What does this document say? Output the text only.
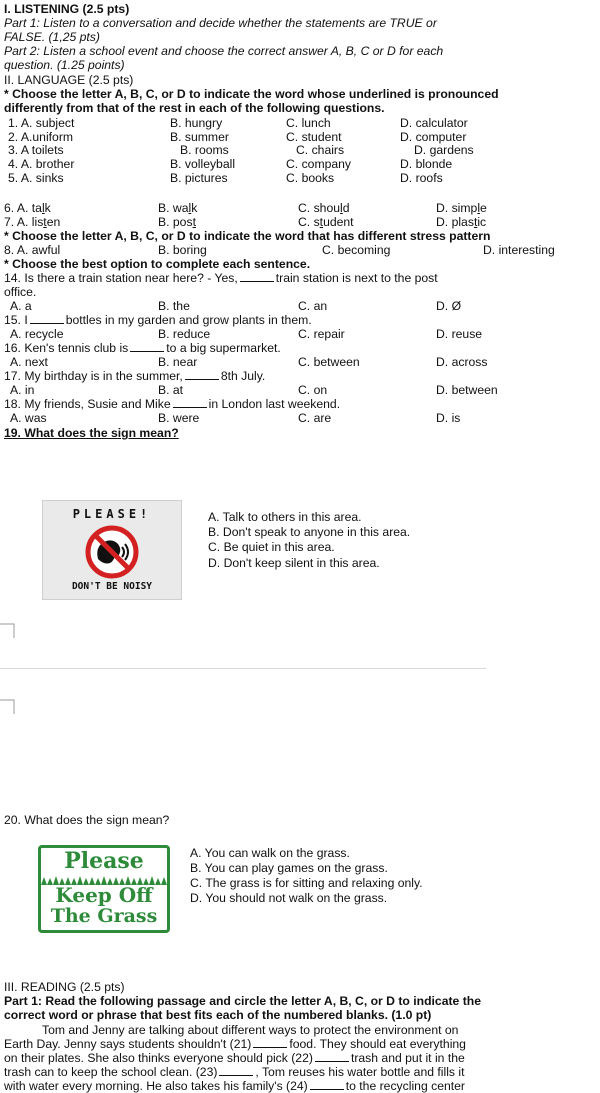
I. LISTENING (2.5 pts)
Part 1: Listen to a conversation and decide whether the statements are TRUE or
FALSE. (1,25 pts)
Part 2: Listen a school event and choose the correct answer A, B, C or D for each
question. (1.25 points)
II. LANGUAGE (2.5 pts)
* Choose the letter A, B, C, or D to indicate the word whose underlined is pronounced
differently from that of the rest in each of the following questions.
1. A. subject	B. hungry	C. lunch	D. calculator
2. A.uniform	B. summer	C. student	D. computer
3. A toilets	B. rooms	C. chairs	D. gardens
4. A. brother	B. volleyball	C. company	D. blonde
5. A. sinks	B. pictures	C. books	D. roofs
6. A. talk	B. walk	C. should	D. simple
7. A. listen	B. post	C. student	D. plastic
* Choose the letter A, B, C, or D to indicate the word that has different stress pattern
8. A. awful	B. boring	C. becoming	D. interesting
* Choose the best option to complete each sentence.
14. Is there a train station near here? - Yes,	train station is next to the post
office.
A. a	B. the	C. an	D. Ø
15. I	bottles in my garden and grow plants in them.
A. recycle	B. reduce	C. repair	D. reuse
16. Ken's tennis club is	to a big supermarket.
A. next	B. near	C. between	D. across
17. My birthday is in the summer,	8th July.
A. in	B. at	C. on	D. between
18. My friends, Susie and Mike	in London last weekend.
A. was	B. were	C. are	D. is
19. What does the sign mean?
PLEASE!
DON'T BE NOISY
A. Talk to others in this area.
B. Don't speak to anyone in this area.
C. Be quiet in this area.
D. Don't keep silent in this area.
20. What does the sign mean?
Please
Keep Off
The Grass
A. You can walk on the grass.
B. You can play games on the grass.
C. The grass is for sitting and relaxing only.
D. You should not walk on the grass.
III. READING (2.5 pts)
Part 1: Read the following passage and circle the letter A, B, C, or D to indicate the
correct word or phrase that best fits each of the numbered blanks. (1.0 pt)
Tom and Jenny are talking about different ways to protect the environment on
Earth Day. Jenny says students shouldn't (21)	food. They should eat everything
on their plates. She also thinks everyone should pick (22)	trash and put it in the
trash can to keep the school clean. (23)	, Tom reuses his water bottle and fills it
with water every morning. He also takes his family's (24)	to the recycling center
